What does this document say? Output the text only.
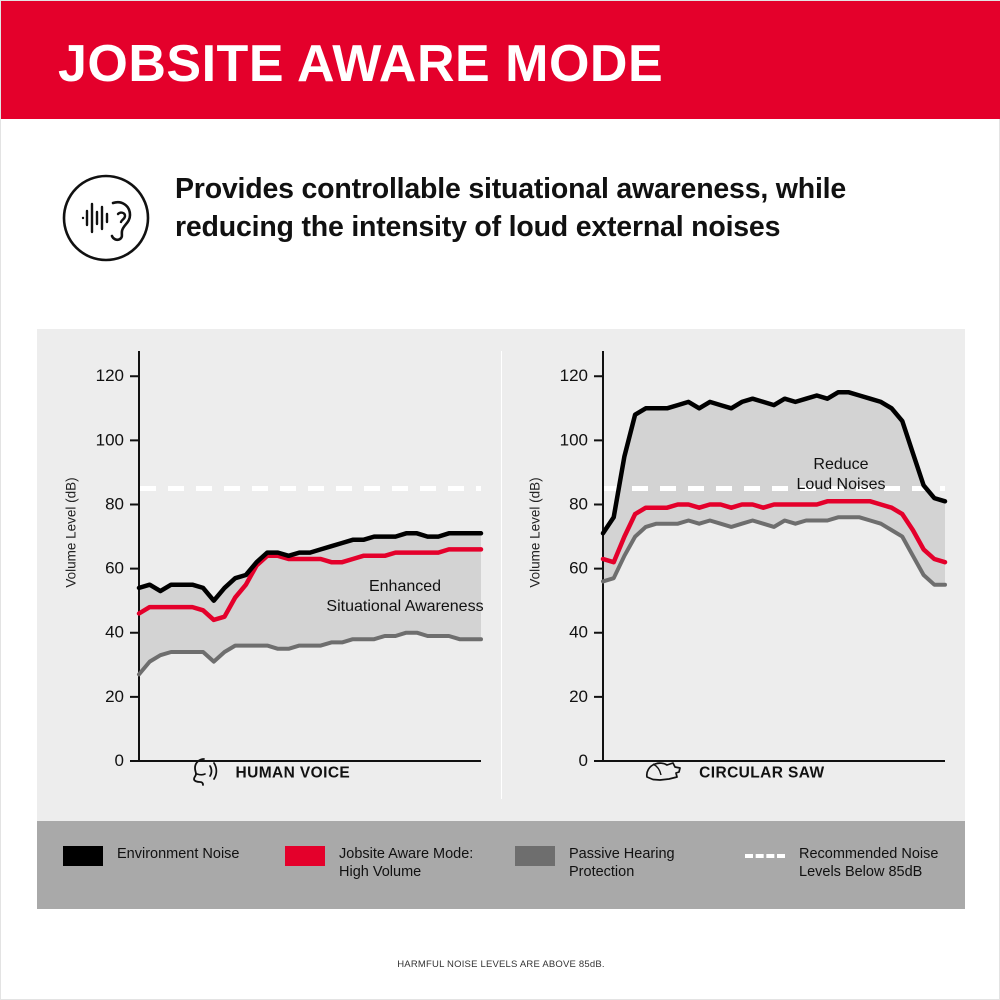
JOBSITE AWARE MODE
Provides controllable situational awareness, while
reducing the intensity of loud external noises
Volume Level (dB)
0
20
40
60
80
100
120
Enhanced
Situational Awareness
HUMAN VOICE
Volume Level (dB)
0
20
40
60
80
100
120
Reduce
Loud Noises
CIRCULAR SAW
Environment Noise	Jobsite Aware Mode:
High Volume
Passive Hearing
Protection
Recommended Noise
Levels Below 85dB
HARMFUL NOISE LEVELS ARE ABOVE 85dB.
